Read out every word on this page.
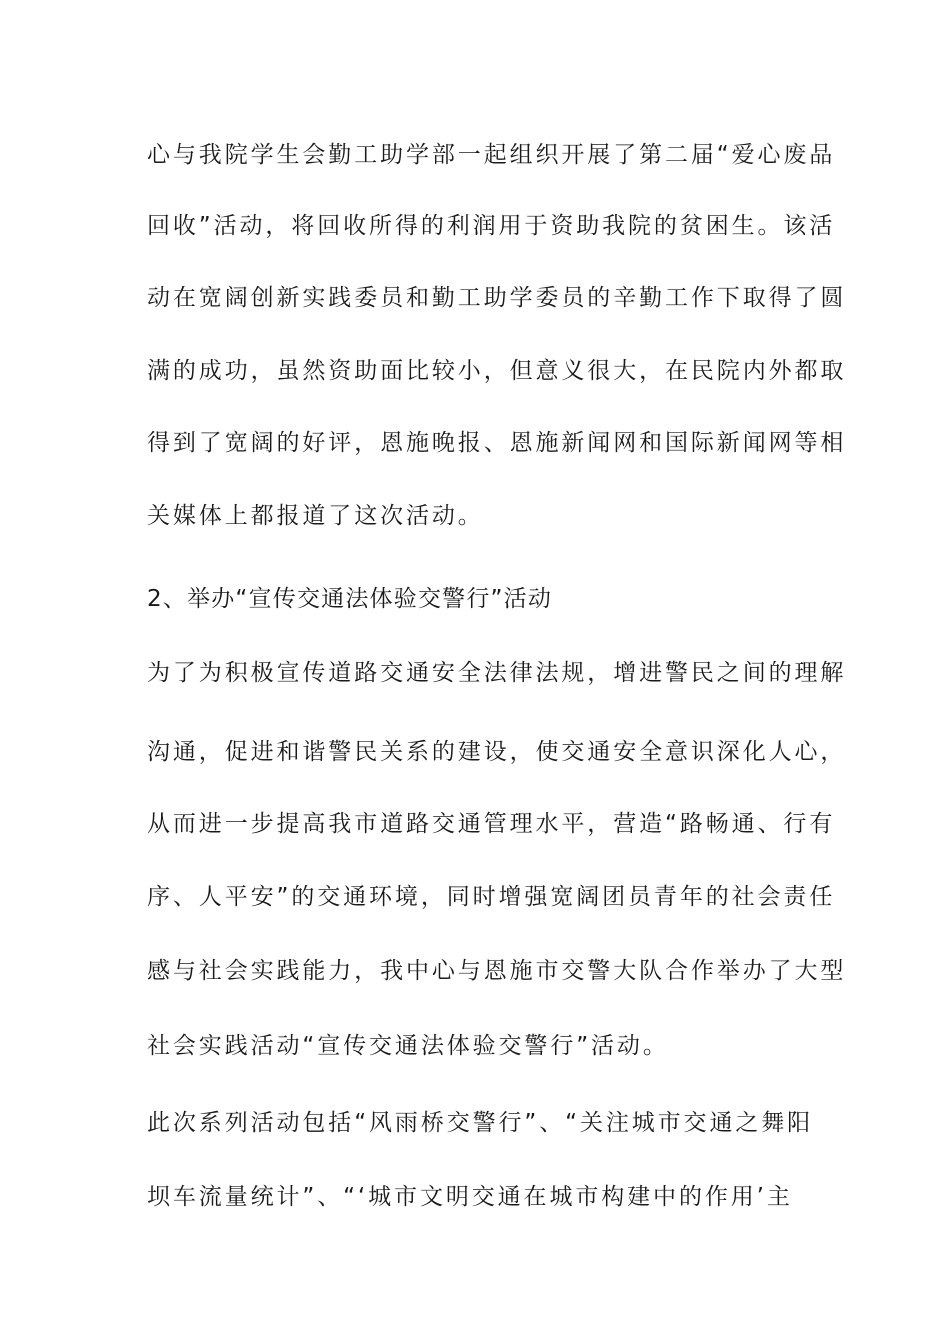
心与我院学生会勤工助学部一起组织开展了第二届“爱心废品
回收”活动，将回收所得的利润用于资助我院的贫困生。该活
动在宽阔创新实践委员和勤工助学委员的辛勤工作下取得了圆
满的成功，虽然资助面比较小，但意义很大，在民院内外都取
得到了宽阔的好评，恩施晚报、恩施新闻网和国际新闻网等相
关媒体上都报道了这次活动。
2、举办“宣传交通法体验交警行”活动
为了为积极宣传道路交通安全法律法规，增进警民之间的理解
沟通，促进和谐警民关系的建设，使交通安全意识深化人心，
从而进一步提高我市道路交通管理水平，营造“路畅通、行有
序、人平安”的交通环境，同时增强宽阔团员青年的社会责任
感与社会实践能力，我中心与恩施市交警大队合作举办了大型
社会实践活动“宣传交通法体验交警行”活动。
此次系列活动包括“风雨桥交警行”、“关注城市交通之舞阳
坝车流量统计”、“‘城市文明交通在城市构建中的作用’主
